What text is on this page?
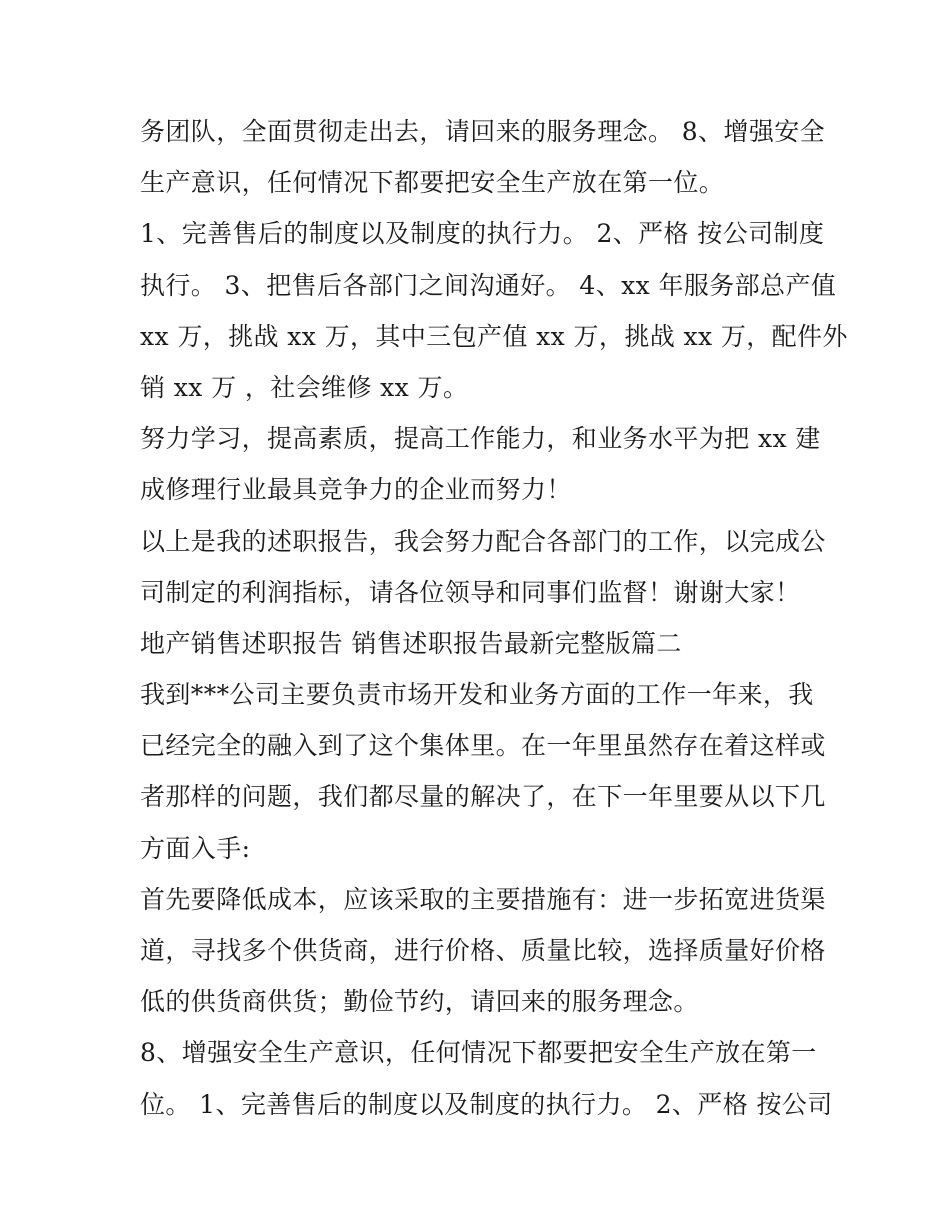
务团队，全面贯彻走出去，请回来的服务理念。 8、增强安全
生产意识，任何情况下都要把安全生产放在第一位。
1、完善售后的制度以及制度的执行力。 2、严格 按公司制度
执行。 3、把售后各部门之间沟通好。 4、xx 年服务部总产值
xx 万，挑战 xx 万，其中三包产值 xx 万，挑战 xx 万，配件外
销 xx 万 ，社会维修 xx 万。
努力学习，提高素质，提高工作能力，和业务水平为把 xx 建
成修理行业最具竞争力的企业而努力！
以上是我的述职报告，我会努力配合各部门的工作，以完成公
司制定的利润指标，请各位领导和同事们监督！谢谢大家！
地产销售述职报告 销售述职报告最新完整版篇二
我到***公司主要负责市场开发和业务方面的工作一年来，我
已经完全的融入到了这个集体里。在一年里虽然存在着这样或
者那样的问题，我们都尽量的解决了，在下一年里要从以下几
方面入手:
首先要降低成本，应该采取的主要措施有：进一步拓宽进货渠
道，寻找多个供货商，进行价格、质量比较，选择质量好价格
低的供货商供货；勤俭节约，请回来的服务理念。
8、增强安全生产意识，任何情况下都要把安全生产放在第一
位。 1、完善售后的制度以及制度的执行力。 2、严格 按公司
